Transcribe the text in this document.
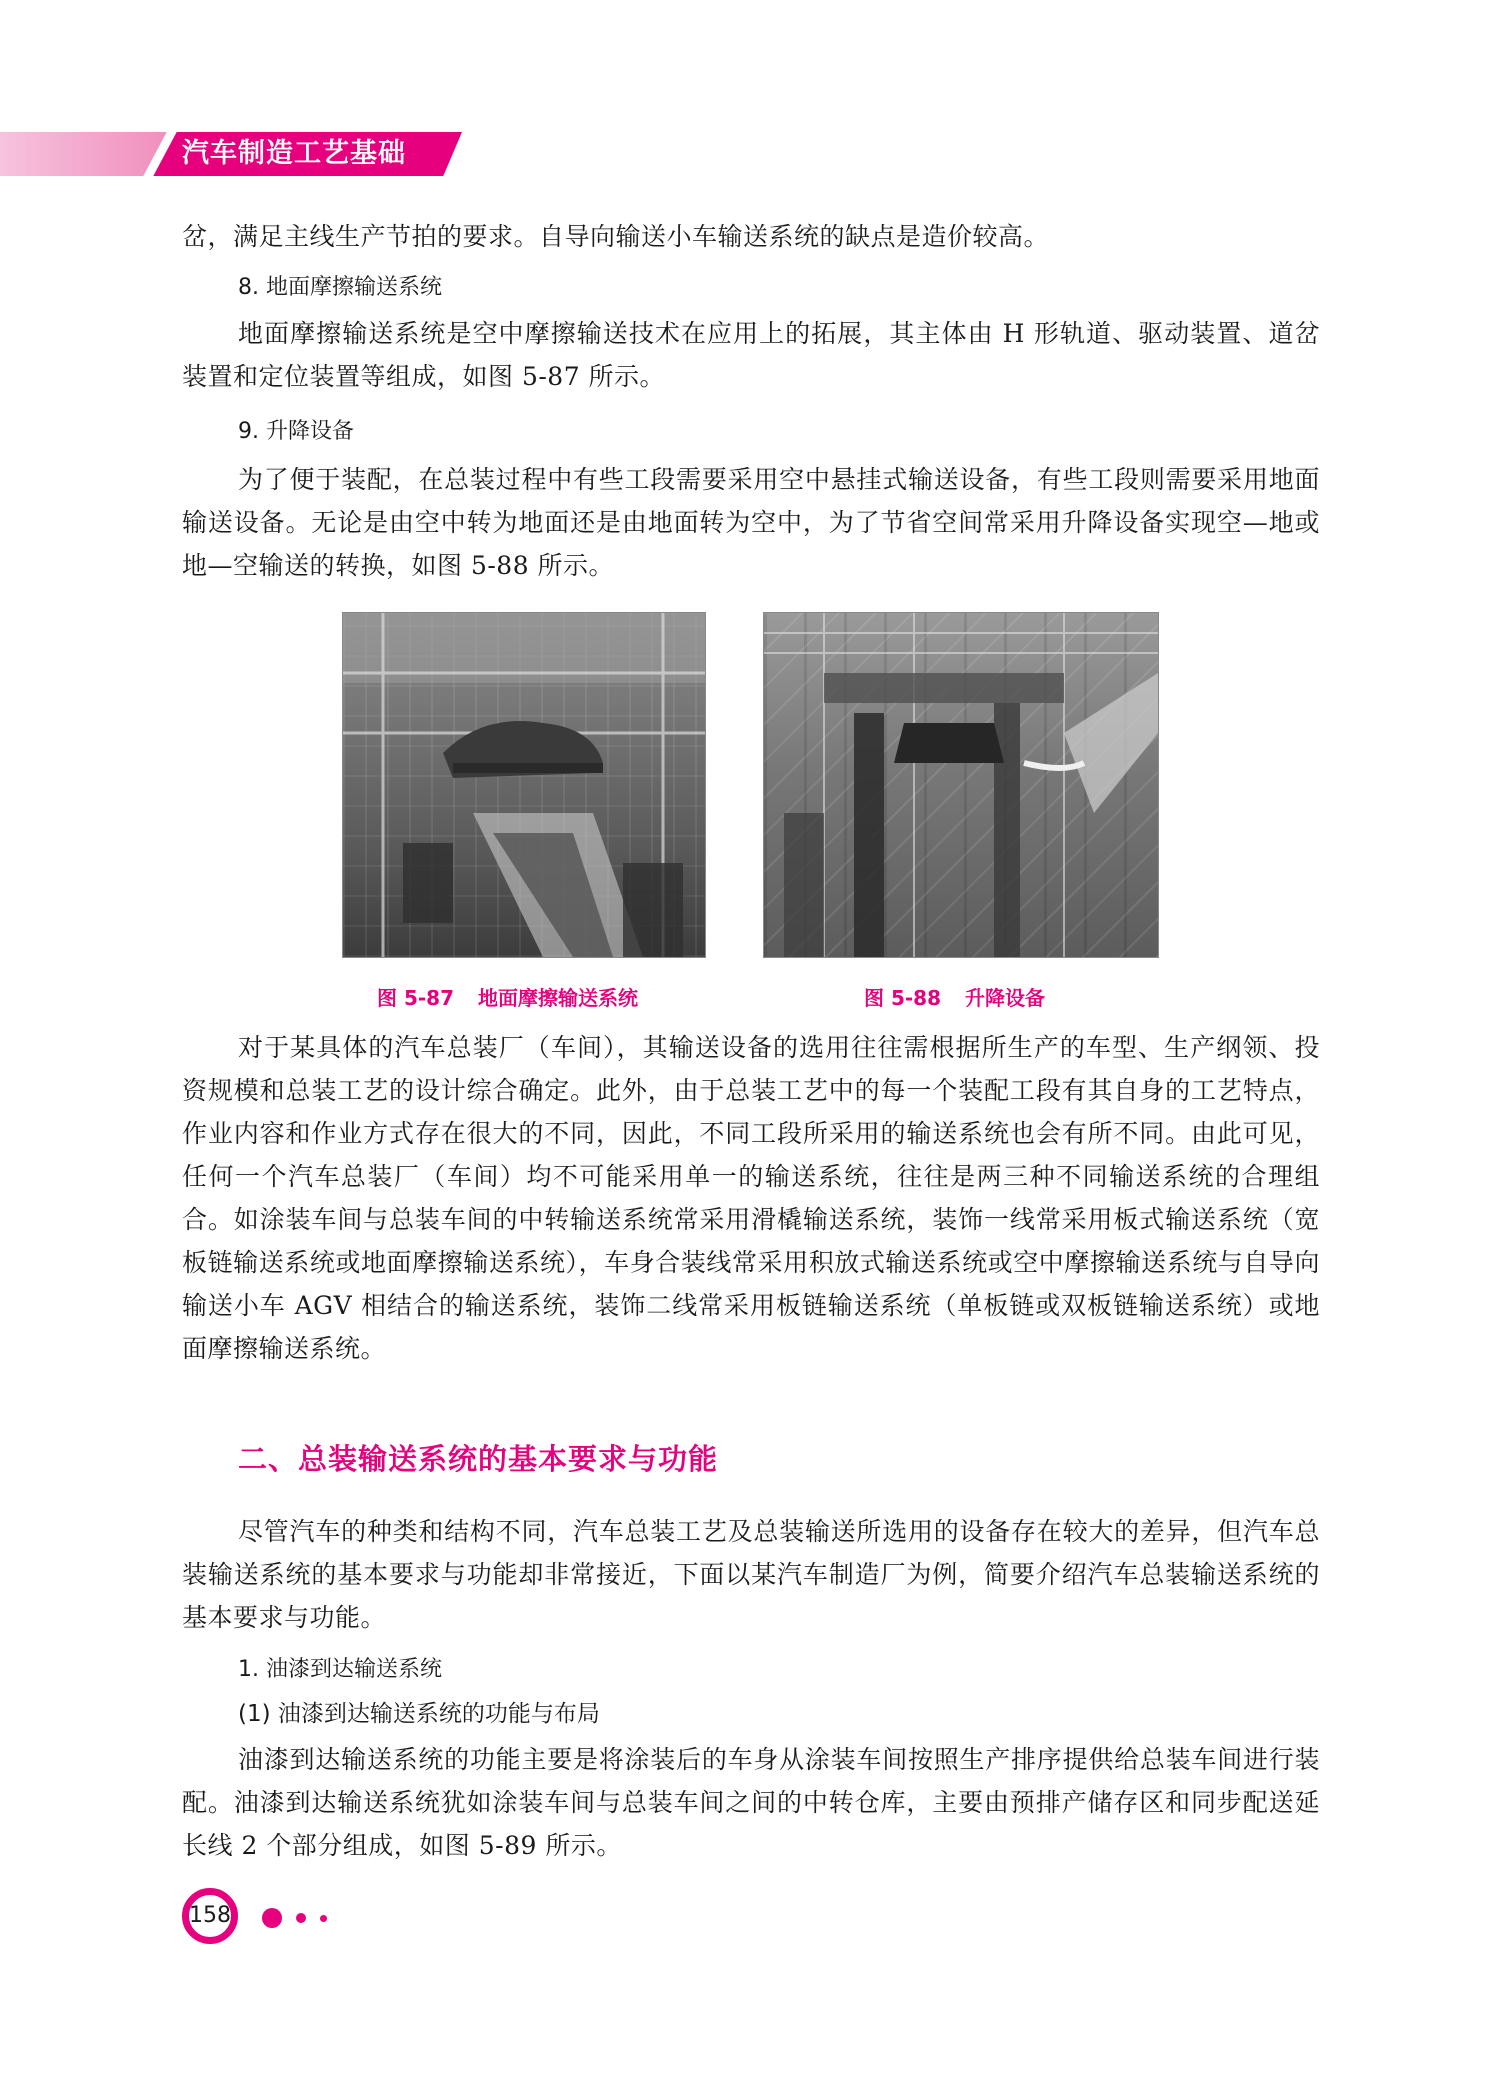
汽车制造工艺基础
岔，满足主线生产节拍的要求。自导向输送小车输送系统的缺点是造价较高。
8. 地面摩擦输送系统
地面摩擦输送系统是空中摩擦输送技术在应用上的拓展，其主体由 H 形轨道、驱动装置、道岔装置和定位装置等组成，如图 5-87 所示。
9. 升降设备
为了便于装配，在总装过程中有些工段需要采用空中悬挂式输送设备，有些工段则需要采用地面输送设备。无论是由空中转为地面还是由地面转为空中，为了节省空间常采用升降设备实现空—地或地—空输送的转换，如图 5-88 所示。
图 5-87 地面摩擦输送系统	图 5-88 升降设备
对于某具体的汽车总装厂（车间），其输送设备的选用往往需根据所生产的车型、生产纲领、投资规模和总装工艺的设计综合确定。此外，由于总装工艺中的每一个装配工段有其自身的工艺特点，作业内容和作业方式存在很大的不同，因此，不同工段所采用的输送系统也会有所不同。由此可见，任何一个汽车总装厂（车间）均不可能采用单一的输送系统，往往是两三种不同输送系统的合理组合。如涂装车间与总装车间的中转输送系统常采用滑橇输送系统，装饰一线常采用板式输送系统（宽板链输送系统或地面摩擦输送系统），车身合装线常采用积放式输送系统或空中摩擦输送系统与自导向输送小车 AGV 相结合的输送系统，装饰二线常采用板链输送系统（单板链或双板链输送系统）或地面摩擦输送系统。
二、总装输送系统的基本要求与功能
尽管汽车的种类和结构不同，汽车总装工艺及总装输送所选用的设备存在较大的差异，但汽车总装输送系统的基本要求与功能却非常接近，下面以某汽车制造厂为例，简要介绍汽车总装输送系统的基本要求与功能。
1. 油漆到达输送系统
(1) 油漆到达输送系统的功能与布局
油漆到达输送系统的功能主要是将涂装后的车身从涂装车间按照生产排序提供给总装车间进行装配。油漆到达输送系统犹如涂装车间与总装车间之间的中转仓库，主要由预排产储存区和同步配送延长线 2 个部分组成，如图 5-89 所示。
158
